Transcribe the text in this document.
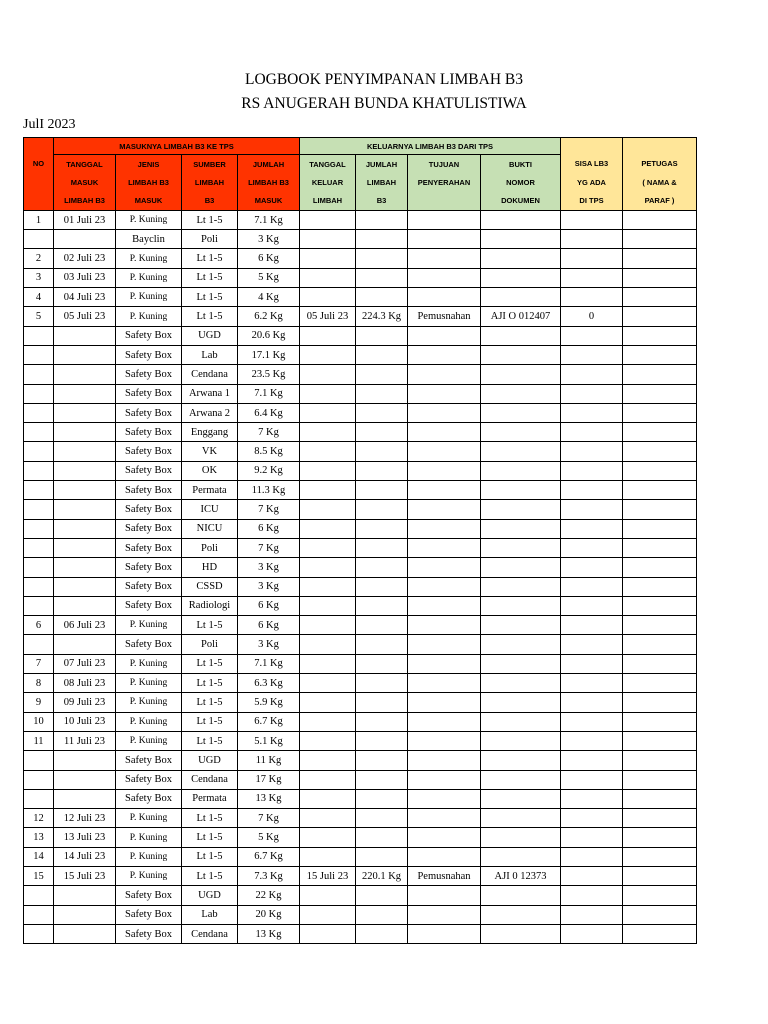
LOGBOOK PENYIMPANAN LIMBAH B3
RS ANUGERAH BUNDA KHATULISTIWA
JulI 2023
	MASUKNYA LIMBAH B3 KE TPS				KELUARNYA LIMBAH B3 DARI TPS					
NO	TANGGAL	JENIS	SUMBER	JUMLAH	TANGGAL	JUMLAH	TUJUAN	BUKTI	SISA LB3	PETUGAS
	MASUK	LIMBAH B3	LIMBAH	LIMBAH B3	KELUAR	LIMBAH	PENYERAHAN	NOMOR	YG ADA	( NAMA &
	LIMBAH B3	MASUK	B3	MASUK	LIMBAH	B3		DOKUMEN	DI TPS	PARAF )
1	01 Juli 23	P. Kuning	Lt 1-5	7.1 Kg						
		Bayclin	Poli	3 Kg						
2	02 Juli 23	P. Kuning	Lt 1-5	6 Kg						
3	03 Juli 23	P. Kuning	Lt 1-5	5 Kg						
4	04 Juli 23	P. Kuning	Lt 1-5	4 Kg						
5	05 Juli 23	P. Kuning	Lt 1-5	6.2 Kg	05 Juli 23	224.3 Kg	Pemusnahan	AJI O 012407	0	
		Safety Box	UGD	20.6 Kg						
		Safety Box	Lab	17.1 Kg						
		Safety Box	Cendana	23.5 Kg						
		Safety Box	Arwana 1	7.1 Kg						
		Safety Box	Arwana 2	6.4 Kg						
		Safety Box	Enggang	7 Kg						
		Safety Box	VK	8.5 Kg						
		Safety Box	OK	9.2 Kg						
		Safety Box	Permata	11.3 Kg						
		Safety Box	ICU	7 Kg						
		Safety Box	NICU	6 Kg						
		Safety Box	Poli	7 Kg						
		Safety Box	HD	3 Kg						
		Safety Box	CSSD	3 Kg						
		Safety Box	Radiologi	6 Kg						
6	06 Juli 23	P. Kuning	Lt 1-5	6 Kg						
		Safety Box	Poli	3 Kg						
7	07 Juli 23	P. Kuning	Lt 1-5	7.1 Kg						
8	08 Juli 23	P. Kuning	Lt 1-5	6.3 Kg						
9	09 Juli 23	P. Kuning	Lt 1-5	5.9 Kg						
10	10 Juli 23	P. Kuning	Lt 1-5	6.7 Kg						
11	11 Juli 23	P. Kuning	Lt 1-5	5.1 Kg						
		Safety Box	UGD	11 Kg						
		Safety Box	Cendana	17 Kg						
		Safety Box	Permata	13 Kg						
12	12 Juli 23	P. Kuning	Lt 1-5	7 Kg						
13	13 Juli 23	P. Kuning	Lt 1-5	5 Kg						
14	14 Juli 23	P. Kuning	Lt 1-5	6.7 Kg						
15	15 Juli 23	P. Kuning	Lt 1-5	7.3 Kg	15 Juli 23	220.1 Kg	Pemusnahan	AJI 0 12373		
		Safety Box	UGD	22 Kg						
		Safety Box	Lab	20 Kg						
		Safety Box	Cendana	13 Kg						
